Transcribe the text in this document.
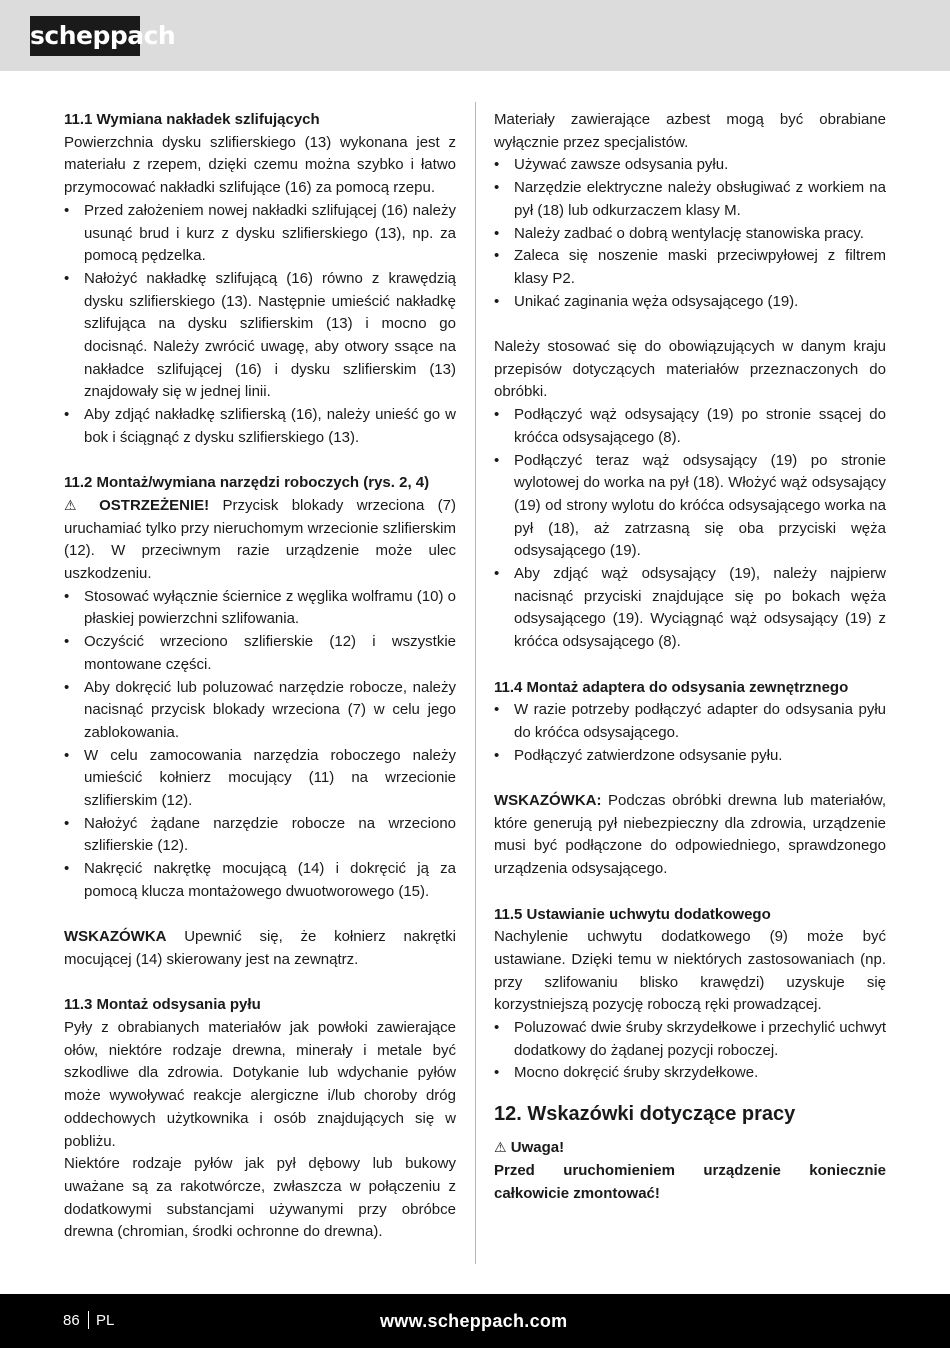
scheppach
11.1 Wymiana nakładek szlifujących

Powierzchnia dysku szlifierskiego (13) wykonana jest z materiału z rzepem, dzięki czemu można szybko i łatwo przymocować nakładki szlifujące (16) za pomocą rzepu.

• Przed założeniem nowej nakładki szlifującej (16) należy usunąć brud i kurz z dysku szlifierskiego (13), np. za pomocą pędzelka.
• Nałożyć nakładkę szlifującą (16) równo z krawędzią dysku szlifierskiego (13). Następnie umieścić nakładkę szlifująca na dysku szlifierskim (13) i mocno go docisnąć. Należy zwrócić uwagę, aby otwory ssące na nakładce szlifującej (16) i dysku szlifierskim (13) znajdowały się w jednej linii.
• Aby zdjąć nakładkę szlifierską (16), należy unieść go w bok i ściągnąć z dysku szlifierskiego (13).
11.2 Montaż/wymiana narzędzi roboczych (rys. 2, 4)

⚠ OSTRZEŻENIE! Przycisk blokady wrzeciona (7) uruchamiać tylko przy nieruchomym wrzecionie szlifierskim (12). W przeciwnym razie urządzenie może ulec uszkodzeniu.

• Stosować wyłącznie ściernice z węglika wolframu (10) o płaskiej powierzchni szlifowania.
• Oczyścić wrzeciono szlifierskie (12) i wszystkie montowane części.
• Aby dokręcić lub poluzować narzędzie robocze, należy nacisnąć przycisk blokady wrzeciona (7) w celu jego zablokowania.
• W celu zamocowania narzędzia roboczego należy umieścić kołnierz mocujący (11) na wrzecionie szlifierskim (12).
• Nałożyć żądane narzędzie robocze na wrzeciono szlifierskie (12).
• Nakręcić nakrętkę mocującą (14) i dokręcić ją za pomocą klucza montażowego dwuotworowego (15).

WSKAZÓWKA Upewnić się, że kołnierz nakrętki mocującej (14) skierowany jest na zewnątrz.

11.3 Montaż odsysania pyłu

Pyły z obrabianych materiałów jak powłoki zawierające ołów, niektóre rodzaje drewna, minerały i metale być szkodliwe dla zdrowia. Dotykanie lub wdychanie pyłów może wywoływać reakcje alergiczne i/lub choroby dróg oddechowych użytkownika i osób znajdujących się w pobliżu.

Niektóre rodzaje pyłów jak pył dębowy lub bukowy uważane są za rakotwórcze, zwłaszcza w połączeniu z dodatkowymi substancjami używanymi przy obróbce drewna (chromian, środki ochronne do drewna).

Materiały zawierające azbest mogą być obrabiane wyłącznie przez specjalistów.

• Używać zawsze odsysania pyłu.
• Narzędzie elektryczne należy obsługiwać z workiem na pył (18) lub odkurzaczem klasy M.
• Należy zadbać o dobrą wentylację stanowiska pracy.
• Zaleca się noszenie maski przeciwpyłowej z filtrem klasy P2.
• Unikać zaginania węża odsysającego (19).

Należy stosować się do obowiązujących w danym kraju przepisów dotyczących materiałów przeznaczonych do obróbki.

• Podłączyć wąż odsysający (19) po stronie ssącej do króćca odsysającego (8).
• Podłączyć teraz wąż odsysający (19) po stronie wylotowej do worka na pył (18). Włożyć wąż odsysający (19) od strony wylotu do króćca odsysającego worka na pył (18), aż zatrzasną się oba przyciski węża odsysającego (19).
• Aby zdjąć wąż odsysający (19), należy najpierw nacisnąć przyciski znajdujące się po bokach węża odsysającego (19). Wyciągnąć wąż odsysający (19) z króćca odsysającego (8).
11.4 Montaż adaptera do odsysania zewnętrznego
• W razie potrzeby podłączyć adapter do odsysania pyłu do króćca odsysającego.
• Podłączyć zatwierdzone odsysanie pyłu.

WSKAZÓWKA: Podczas obróbki drewna lub materiałów, które generują pył niebezpieczny dla zdrowia, urządzenie musi być podłączone do odpowiedniego, sprawdzonego urządzenia odsysającego.

11.5 Ustawianie uchwytu dodatkowego

Nachylenie uchwytu dodatkowego (9) może być ustawiane. Dzięki temu w niektórych zastosowaniach (np. przy szlifowaniu blisko krawędzi) uzyskuje się korzystniejszą pozycję roboczą ręki prowadzącej.

• Poluzować dwie śruby skrzydełkowe i przechylić uchwyt dodatkowy do żądanej pozycji roboczej.
• Mocno dokręcić śruby skrzydełkowe.
12. Wskazówki dotyczące pracy

⚠ Uwaga!

Przed uruchomieniem urządzenie koniecznie całkowicie zmontować!

86 PL	www.scheppach.com
